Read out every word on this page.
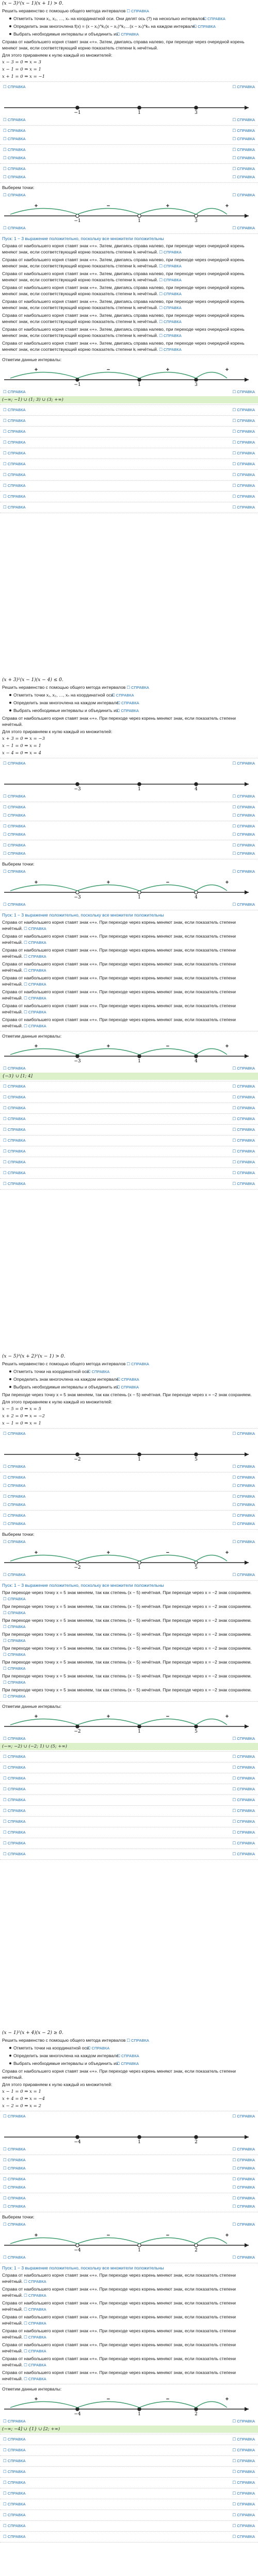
(x − 3)²(x − 1)(x + 1) > 0.
Решить неравенство с помощью общего метода интервалов ☐ СПРАВКА
Отметить точки x₁, x₂, …, xₙ на координатной оси. Они делят ось (?) на несколько интервалов. ☐ СПРАВКА
Определить знак многочлена f(x) = (x − x₁)^k₁(x − x₂)^k₂…(x − xₙ)^kₙ на каждом интервале. ☐ СПРАВКА
Выбрать необходимые интервалы и объединить их. ☐ СПРАВКА
Справа от наибольшего корня ставят знак «+». Затем, двигаясь справа налево, при переходе через очередной корень меняют знак, если соответствующий корню показатель степени kᵢ нечётный.
Для этого приравняем к нулю каждый из множителей:
x − 3 = 0 ⇒ x = 3
x − 1 = 0 ⇒ x = 1
x + 1 = 0 ⇒ x = −1
☐ СПРАВКА	☐ СПРАВКА
−1	1	3
☐ СПРАВКА	☐ СПРАВКА
☐ СПРАВКА	☐ СПРАВКА
☐ СПРАВКА	☐ СПРАВКА
☐ СПРАВКА	☐ СПРАВКА
☐ СПРАВКА	☐ СПРАВКА
☐ СПРАВКА	☐ СПРАВКА
☐ СПРАВКА	☐ СПРАВКА
Выберем точки:
☐ СПРАВКА	☐ СПРАВКА
−1	1	3
+	−	+	+
☐ СПРАВКА	☐ СПРАВКА
Пуск: 1 − 3 выражение положительно, поскольку все множители положительны
Справа от наибольшего корня ставят знак «+». Затем, двигаясь справа налево, при переходе через очередной корень меняют знак, если соответствующий корню показатель степени kᵢ нечётный. ☐ СПРАВКА
Справа от наибольшего корня ставят знак «+». Затем, двигаясь справа налево, при переходе через очередной корень меняют знак, если соответствующий корню показатель степени kᵢ нечётный. ☐ СПРАВКА
Справа от наибольшего корня ставят знак «+». Затем, двигаясь справа налево, при переходе через очередной корень меняют знак, если соответствующий корню показатель степени kᵢ нечётный. ☐ СПРАВКА
Справа от наибольшего корня ставят знак «+». Затем, двигаясь справа налево, при переходе через очередной корень меняют знак, если соответствующий корню показатель степени kᵢ нечётный. ☐ СПРАВКА
Справа от наибольшего корня ставят знак «+». Затем, двигаясь справа налево, при переходе через очередной корень меняют знак, если соответствующий корню показатель степени kᵢ нечётный. ☐ СПРАВКА
Справа от наибольшего корня ставят знак «+». Затем, двигаясь справа налево, при переходе через очередной корень меняют знак, если соответствующий корню показатель степени kᵢ нечётный. ☐ СПРАВКА
Справа от наибольшего корня ставят знак «+». Затем, двигаясь справа налево, при переходе через очередной корень меняют знак, если соответствующий корню показатель степени kᵢ нечётный. ☐ СПРАВКА
Справа от наибольшего корня ставят знак «+». Затем, двигаясь справа налево, при переходе через очередной корень меняют знак, если соответствующий корню показатель степени kᵢ нечётный. ☐ СПРАВКА
Отметим данные интервалы:
−1	1	3
+	−	+	+
☐ СПРАВКА	☐ СПРАВКА
(−∞; −1) ∪ (1; 3) ∪ (3; +∞)
☐ СПРАВКА	☐ СПРАВКА
☐ СПРАВКА	☐ СПРАВКА
☐ СПРАВКА	☐ СПРАВКА
☐ СПРАВКА	☐ СПРАВКА
☐ СПРАВКА	☐ СПРАВКА
☐ СПРАВКА	☐ СПРАВКА
☐ СПРАВКА	☐ СПРАВКА
☐ СПРАВКА	☐ СПРАВКА
☐ СПРАВКА	☐ СПРАВКА
☐ СПРАВКА	☐ СПРАВКА
(x + 3)²(x − 1)(x − 4) ≤ 0.
Решить неравенство с помощью общего метода интервалов ☐ СПРАВКА
Отметить точки x₁, x₂, …, xₙ на координатной оси. ☐ СПРАВКА
Определить знак многочлена на каждом интервале. ☐ СПРАВКА
Выбрать необходимые интервалы и объединить их. ☐ СПРАВКА
Справа от наибольшего корня ставят знак «+». При переходе через корень меняют знак, если показатель степени нечётный.
Для этого приравняем к нулю каждый из множителей:
x + 3 = 0 ⇒ x = −3
x − 1 = 0 ⇒ x = 1
x − 4 = 0 ⇒ x = 4
☐ СПРАВКА	☐ СПРАВКА
−3	1	4
☐ СПРАВКА	☐ СПРАВКА
☐ СПРАВКА	☐ СПРАВКА
☐ СПРАВКА	☐ СПРАВКА
☐ СПРАВКА	☐ СПРАВКА
☐ СПРАВКА	☐ СПРАВКА
☐ СПРАВКА	☐ СПРАВКА
☐ СПРАВКА	☐ СПРАВКА
Выберем точки:
☐ СПРАВКА	☐ СПРАВКА
−3	1	4
+	+	−	+
☐ СПРАВКА	☐ СПРАВКА
Пуск: 1 − 3 выражение положительно, поскольку все множители положительны
Справа от наибольшего корня ставят знак «+». При переходе через корень меняют знак, если показатель степени нечётный. ☐ СПРАВКА
Справа от наибольшего корня ставят знак «+». При переходе через корень меняют знак, если показатель степени нечётный. ☐ СПРАВКА
Справа от наибольшего корня ставят знак «+». При переходе через корень меняют знак, если показатель степени нечётный. ☐ СПРАВКА
Справа от наибольшего корня ставят знак «+». При переходе через корень меняют знак, если показатель степени нечётный. ☐ СПРАВКА
Справа от наибольшего корня ставят знак «+». При переходе через корень меняют знак, если показатель степени нечётный. ☐ СПРАВКА
Справа от наибольшего корня ставят знак «+». При переходе через корень меняют знак, если показатель степени нечётный. ☐ СПРАВКА
Справа от наибольшего корня ставят знак «+». При переходе через корень меняют знак, если показатель степени нечётный. ☐ СПРАВКА
Справа от наибольшего корня ставят знак «+». При переходе через корень меняют знак, если показатель степени нечётный. ☐ СПРАВКА
Отметим данные интервалы:
−3	1	4
+	+	−	+
☐ СПРАВКА	☐ СПРАВКА
{−3} ∪ [1; 4]
☐ СПРАВКА	☐ СПРАВКА
☐ СПРАВКА	☐ СПРАВКА
☐ СПРАВКА	☐ СПРАВКА
☐ СПРАВКА	☐ СПРАВКА
☐ СПРАВКА	☐ СПРАВКА
☐ СПРАВКА	☐ СПРАВКА
☐ СПРАВКА	☐ СПРАВКА
☐ СПРАВКА	☐ СПРАВКА
☐ СПРАВКА	☐ СПРАВКА
☐ СПРАВКА	☐ СПРАВКА
(x − 5)³(x + 2)²(x − 1) > 0.
Решить неравенство с помощью общего метода интервалов ☐ СПРАВКА
Отметить точки на координатной оси. ☐ СПРАВКА
Определить знак многочлена на каждом интервале. ☐ СПРАВКА
Выбрать необходимые интервалы и объединить их. ☐ СПРАВКА
При переходе через точку x = 5 знак меняем, так как степень (x − 5) нечётная. При переходе через x = −2 знак сохраняем.
Для этого приравняем к нулю каждый из множителей:
x − 5 = 0 ⇒ x = 5
x + 2 = 0 ⇒ x = −2
x − 1 = 0 ⇒ x = 1
☐ СПРАВКА	☐ СПРАВКА
−2	1	5
☐ СПРАВКА	☐ СПРАВКА
☐ СПРАВКА	☐ СПРАВКА
☐ СПРАВКА	☐ СПРАВКА
☐ СПРАВКА	☐ СПРАВКА
☐ СПРАВКА	☐ СПРАВКА
☐ СПРАВКА	☐ СПРАВКА
☐ СПРАВКА	☐ СПРАВКА
Выберем точки:
☐ СПРАВКА	☐ СПРАВКА
−2	1	5
+	+	−	+
☐ СПРАВКА	☐ СПРАВКА
Пуск: 1 − 3 выражение положительно, поскольку все множители положительны
При переходе через точку x = 5 знак меняем, так как степень (x − 5) нечётная. При переходе через x = −2 знак сохраняем.☐ СПРАВКА
При переходе через точку x = 5 знак меняем, так как степень (x − 5) нечётная. При переходе через x = −2 знак сохраняем.☐ СПРАВКА
При переходе через точку x = 5 знак меняем, так как степень (x − 5) нечётная. При переходе через x = −2 знак сохраняем.☐ СПРАВКА
При переходе через точку x = 5 знак меняем, так как степень (x − 5) нечётная. При переходе через x = −2 знак сохраняем.☐ СПРАВКА
При переходе через точку x = 5 знак меняем, так как степень (x − 5) нечётная. При переходе через x = −2 знак сохраняем.☐ СПРАВКА
При переходе через точку x = 5 знак меняем, так как степень (x − 5) нечётная. При переходе через x = −2 знак сохраняем.☐ СПРАВКА
При переходе через точку x = 5 знак меняем, так как степень (x − 5) нечётная. При переходе через x = −2 знак сохраняем.☐ СПРАВКА
При переходе через точку x = 5 знак меняем, так как степень (x − 5) нечётная. При переходе через x = −2 знак сохраняем.☐ СПРАВКА
Отметим данные интервалы:
−2	1	5
+	+	−	+
☐ СПРАВКА	☐ СПРАВКА
(−∞; −2) ∪ (−2; 1) ∪ (5; +∞)
☐ СПРАВКА	☐ СПРАВКА
☐ СПРАВКА	☐ СПРАВКА
☐ СПРАВКА	☐ СПРАВКА
☐ СПРАВКА	☐ СПРАВКА
☐ СПРАВКА	☐ СПРАВКА
☐ СПРАВКА	☐ СПРАВКА
☐ СПРАВКА	☐ СПРАВКА
☐ СПРАВКА	☐ СПРАВКА
☐ СПРАВКА	☐ СПРАВКА
☐ СПРАВКА	☐ СПРАВКА
(x − 1)²(x + 4)(x − 2) ≥ 0.
Решить неравенство с помощью общего метода интервалов ☐ СПРАВКА
Отметить точки на координатной оси. ☐ СПРАВКА
Определить знак многочлена на каждом интервале. ☐ СПРАВКА
Выбрать необходимые интервалы и объединить их. ☐ СПРАВКА
Справа от наибольшего корня ставят знак «+». При переходе через корень меняют знак, если показатель степени нечётный.
Для этого приравняем к нулю каждый из множителей:
x − 1 = 0 ⇒ x = 1
x + 4 = 0 ⇒ x = −4
x − 2 = 0 ⇒ x = 2
☐ СПРАВКА	☐ СПРАВКА
−4	1	2
☐ СПРАВКА	☐ СПРАВКА
☐ СПРАВКА	☐ СПРАВКА
☐ СПРАВКА	☐ СПРАВКА
☐ СПРАВКА	☐ СПРАВКА
☐ СПРАВКА	☐ СПРАВКА
☐ СПРАВКА	☐ СПРАВКА
☐ СПРАВКА	☐ СПРАВКА
Выберем точки:
☐ СПРАВКА	☐ СПРАВКА
−4	1	2
+	−	−	+
☐ СПРАВКА	☐ СПРАВКА
Пуск: 1 − 3 выражение положительно, поскольку все множители положительны
Справа от наибольшего корня ставят знак «+». При переходе через корень меняют знак, если показатель степени нечётный. ☐ СПРАВКА
Справа от наибольшего корня ставят знак «+». При переходе через корень меняют знак, если показатель степени нечётный. ☐ СПРАВКА
Справа от наибольшего корня ставят знак «+». При переходе через корень меняют знак, если показатель степени нечётный. ☐ СПРАВКА
Справа от наибольшего корня ставят знак «+». При переходе через корень меняют знак, если показатель степени нечётный. ☐ СПРАВКА
Справа от наибольшего корня ставят знак «+». При переходе через корень меняют знак, если показатель степени нечётный. ☐ СПРАВКА
Справа от наибольшего корня ставят знак «+». При переходе через корень меняют знак, если показатель степени нечётный. ☐ СПРАВКА
Справа от наибольшего корня ставят знак «+». При переходе через корень меняют знак, если показатель степени нечётный. ☐ СПРАВКА
Справа от наибольшего корня ставят знак «+». При переходе через корень меняют знак, если показатель степени нечётный. ☐ СПРАВКА
Отметим данные интервалы:
−4	1	2
+	−	−	+
☐ СПРАВКА	☐ СПРАВКА
(−∞; −4] ∪ {1} ∪ [2; +∞)
☐ СПРАВКА	☐ СПРАВКА
☐ СПРАВКА	☐ СПРАВКА
☐ СПРАВКА	☐ СПРАВКА
☐ СПРАВКА	☐ СПРАВКА
☐ СПРАВКА	☐ СПРАВКА
☐ СПРАВКА	☐ СПРАВКА
☐ СПРАВКА	☐ СПРАВКА
☐ СПРАВКА	☐ СПРАВКА
☐ СПРАВКА	☐ СПРАВКА
☐ СПРАВКА	☐ СПРАВКА
